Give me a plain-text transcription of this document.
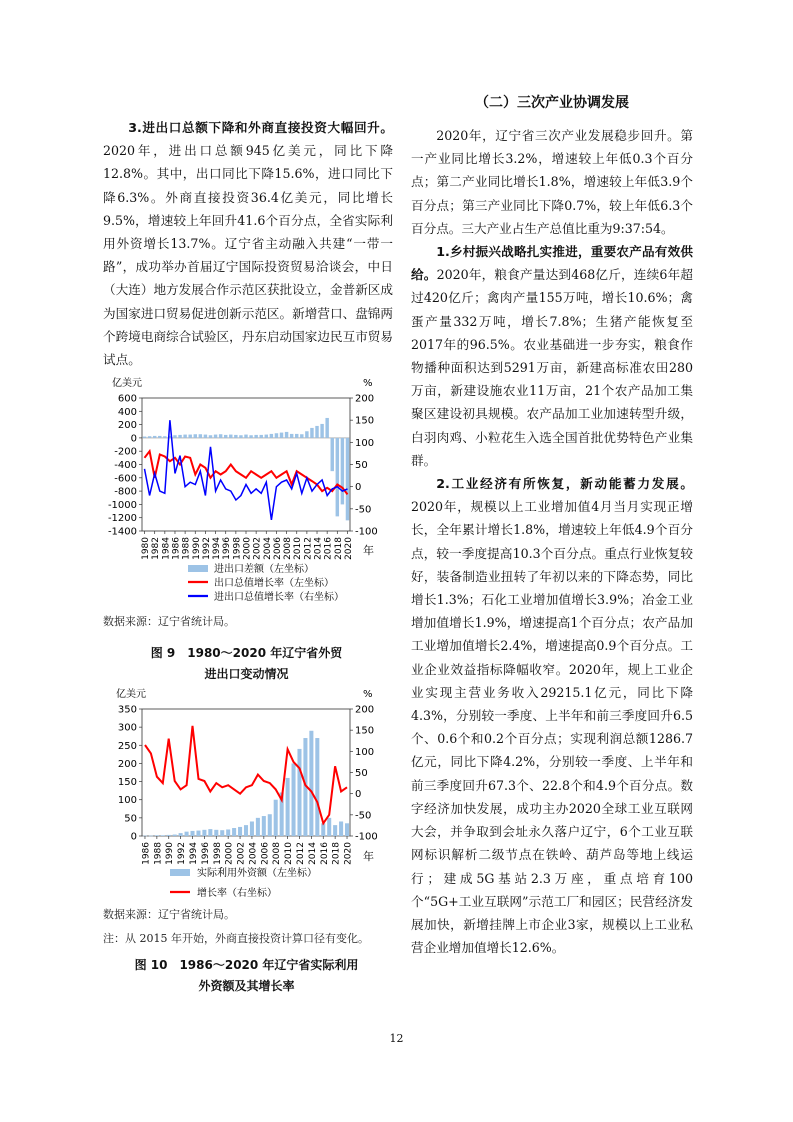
3.进出口总额下降和外商直接投资大幅回升。2020年，进出口总额945亿美元，同比下降12.8%。其中，出口同比下降15.6%，进口同比下降6.3%。外商直接投资36.4亿美元，同比增长9.5%，增速较上年回升41.6个百分点，全省实际利用外资增长13.7%。辽宁省主动融入共建“一带一路”，成功举办首届辽宁国际投资贸易洽谈会，中日（大连）地方发展合作示范区获批设立，金普新区成为国家进口贸易促进创新示范区。新增营口、盘锦两个跨境电商综合试验区，丹东启动国家边民互市贸易试点。

亿美元	%
年
600
400
200
0
-200
-400
-600
-800
-1000
-1200
-1400
200
150
100
50
0
-50
-100
1980 1982 1984 1986 1988 1990 1992 1994 1996 1998 2000 2002 2004 2006 2008 2010 2012 2014 2016 2018 2020
进出口差额（左坐标）
出口总值增长率（左坐标）
进出口总值增长率（右坐标）
数据来源：辽宁省统计局。
图 9　1980～2020 年辽宁省外贸
进出口变动情况
亿美元	%
年
350
300
250
200
150
100
50
0
200
150
100
50
0
-50
-100
1986 1988 1990 1992 1994 1996 1998 2000 2002 2004 2006 2008 2010 2012 2014 2016 2018 2020
实际利用外资额（左坐标）
增长率（右坐标）
数据来源：辽宁省统计局。
注：从 2015 年开始，外商直接投资计算口径有变化。
图 10　1986～2020 年辽宁省实际利用
外资额及其增长率
（二）三次产业协调发展

2020年，辽宁省三次产业发展稳步回升。第一产业同比增长3.2%，增速较上年低0.3个百分点；第二产业同比增长1.8%，增速较上年低3.9个百分点；第三产业同比下降0.7%，较上年低6.3个百分点。三大产业占生产总值比重为9:37:54。

1.乡村振兴战略扎实推进，重要农产品有效供给。2020年，粮食产量达到468亿斤，连续6年超过420亿斤；禽肉产量155万吨，增长10.6%；禽蛋产量332万吨，增长7.8%；生猪产能恢复至2017年的96.5%。农业基础进一步夯实，粮食作物播种面积达到5291万亩，新建高标准农田280万亩，新建设施农业11万亩，21个农产品加工集聚区建设初具规模。农产品加工业加速转型升级，白羽肉鸡、小粒花生入选全国首批优势特色产业集群。

2.工业经济有所恢复，新动能蓄力发展。2020年，规模以上工业增加值4月当月实现正增长，全年累计增长1.8%，增速较上年低4.9个百分点，较一季度提高10.3个百分点。重点行业恢复较好，装备制造业扭转了年初以来的下降态势，同比增长1.3%；石化工业增加值增长3.9%；冶金工业增加值增长1.9%，增速提高1个百分点；农产品加工业增加值增长2.4%，增速提高0.9个百分点。工业企业效益指标降幅收窄。2020年，规上工业企业实现主营业务收入29215.1亿元，同比下降4.3%，分别较一季度、上半年和前三季度回升6.5个、0.6个和0.2个百分点；实现利润总额1286.7亿元，同比下降4.2%，分别较一季度、上半年和前三季度回升67.3个、22.8个和4.9个百分点。数字经济加快发展，成功主办2020全球工业互联网大会，并争取到会址永久落户辽宁，6个工业互联网标识解析二级节点在铁岭、葫芦岛等地上线运行；建成5G基站2.3万座，重点培育100个“5G+工业互联网”示范工厂和园区；民营经济发展加快，新增挂牌上市企业3家，规模以上工业私营企业增加值增长12.6%。

12
